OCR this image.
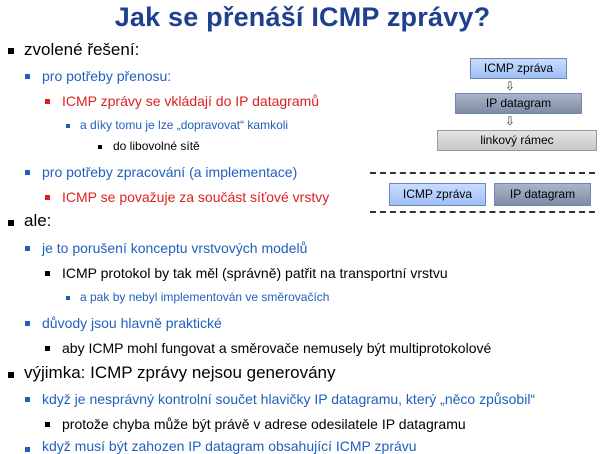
Jak se přenáší ICMP zprávy?
zvolené řešení:
pro potřeby přenosu:
ICMP zprávy se vkládají do IP datagramů
a díky tomu je lze „dopravovat“ kamkoli
do libovolné sítě
pro potřeby zpracování (a implementace)
ICMP se považuje za součást síťové vrstvy
ale:
je to porušení konceptu vrstvových modelů
ICMP protokol by tak měl (správně) patřit na transportní vrstvu
a pak by nebyl implementován ve směrovačích
důvody jsou hlavně praktické
aby ICMP mohl fungovat a směrovače nemusely být multiprotokolové
výjimka: ICMP zprávy nejsou generovány
když je nesprávný kontrolní součet hlavičky IP datagramu, který „něco způsobil“
protože chyba může být právě v adrese odesilatele IP datagramu
když musí být zahozen IP datagram obsahující ICMP zprávu
ICMP zpráva
⇩
IP datagram
⇩
linkový rámec
ICMP zpráva	IP datagram
